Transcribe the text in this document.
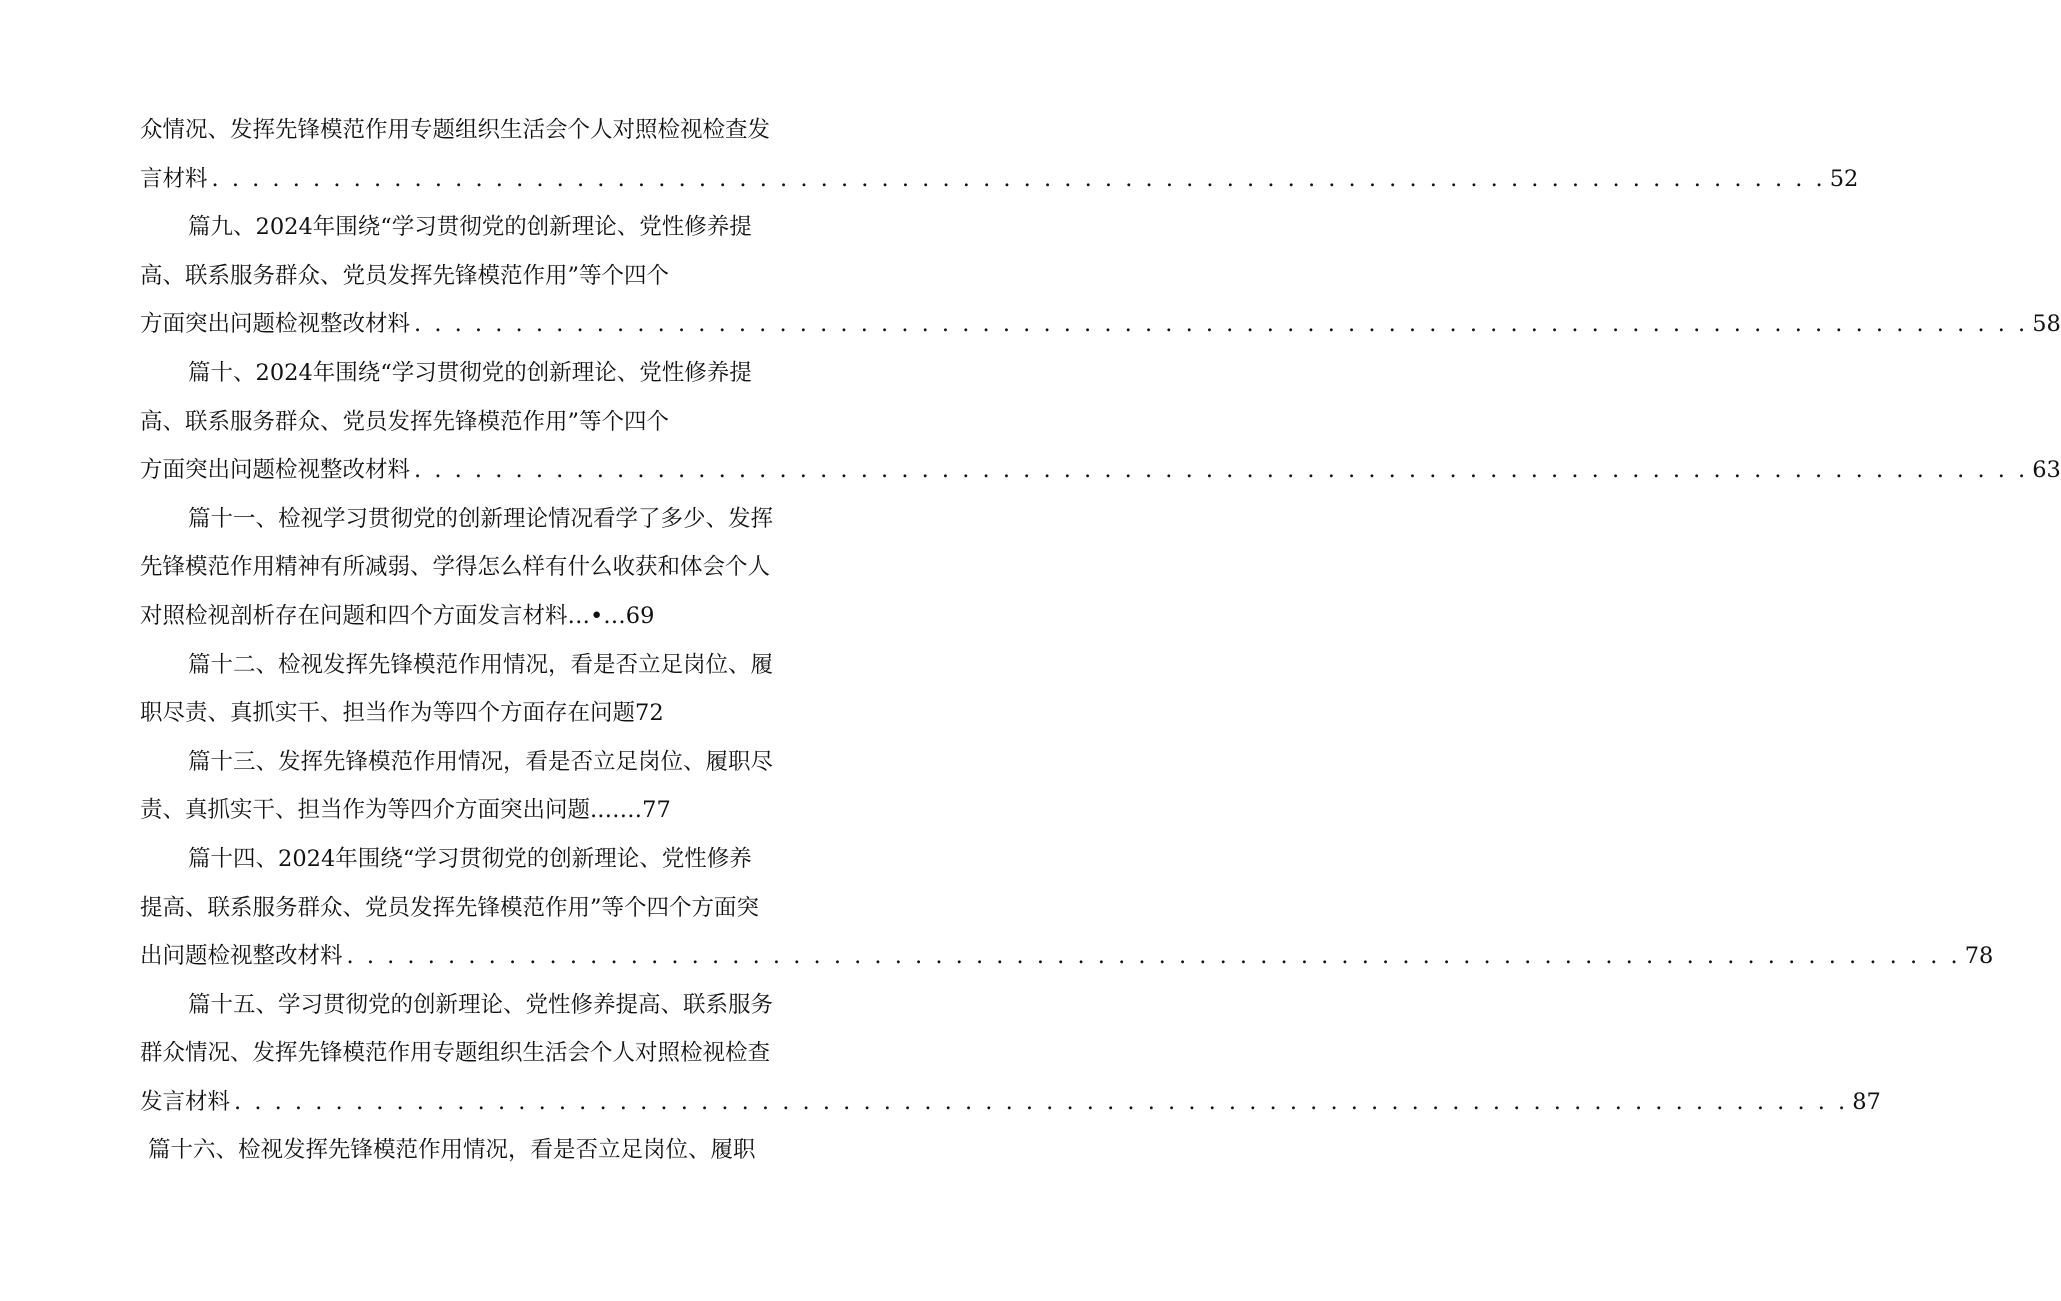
众情况、发挥先锋模范作用专题组织生活会个人对照检视检查发
言材料 . . . . . . . . . . . . . . . . . . . . . . . . . . . . . . . . . . . . . . . . . . . . . . . . . . . . . . . . . . . . . . . . . . . . . . . . . . . . . . . . 52
篇九、2024年围绕“学习贯彻党的创新理论、党性修养提
高、联系服务群众、党员发挥先锋模范作用”等个四个
方面突出问题检视整改材料 . . . . . . . . . . . . . . . . . . . . . . . . . . . . . . . . . . . . . . . . . . . . . . . . . . . . . . . . . . . . . . . . . . . . . . . . . . . . . . . . 58
篇十、2024年围绕“学习贯彻党的创新理论、党性修养提
高、联系服务群众、党员发挥先锋模范作用”等个四个
方面突出问题检视整改材料 . . . . . . . . . . . . . . . . . . . . . . . . . . . . . . . . . . . . . . . . . . . . . . . . . . . . . . . . . . . . . . . . . . . . . . . . . . . . . . . . 63
篇十一、检视学习贯彻党的创新理论情况看学了多少、发挥
先锋模范作用精神有所减弱、学得怎么样有什么收获和体会个人
对照检视剖析存在问题和四个方面发言材料…•…69
篇十二、检视发挥先锋模范作用情况，看是否立足岗位、履
职尽责、真抓实干、担当作为等四个方面存在问题72
篇十三、发挥先锋模范作用情况，看是否立足岗位、履职尽
责、真抓实干、担当作为等四介方面突出问题.……77
篇十四、2024年围绕“学习贯彻党的创新理论、党性修养
提高、联系服务群众、党员发挥先锋模范作用”等个四个方面突
出问题检视整改材料 . . . . . . . . . . . . . . . . . . . . . . . . . . . . . . . . . . . . . . . . . . . . . . . . . . . . . . . . . . . . . . . . . . . . . . . . . . . . . . . . 78
篇十五、学习贯彻党的创新理论、党性修养提高、联系服务
群众情况、发挥先锋模范作用专题组织生活会个人对照检视检查
发言材料 . . . . . . . . . . . . . . . . . . . . . . . . . . . . . . . . . . . . . . . . . . . . . . . . . . . . . . . . . . . . . . . . . . . . . . . . . . . . . . . . 87
篇十六、检视发挥先锋模范作用情况，看是否立足岗位、履职
